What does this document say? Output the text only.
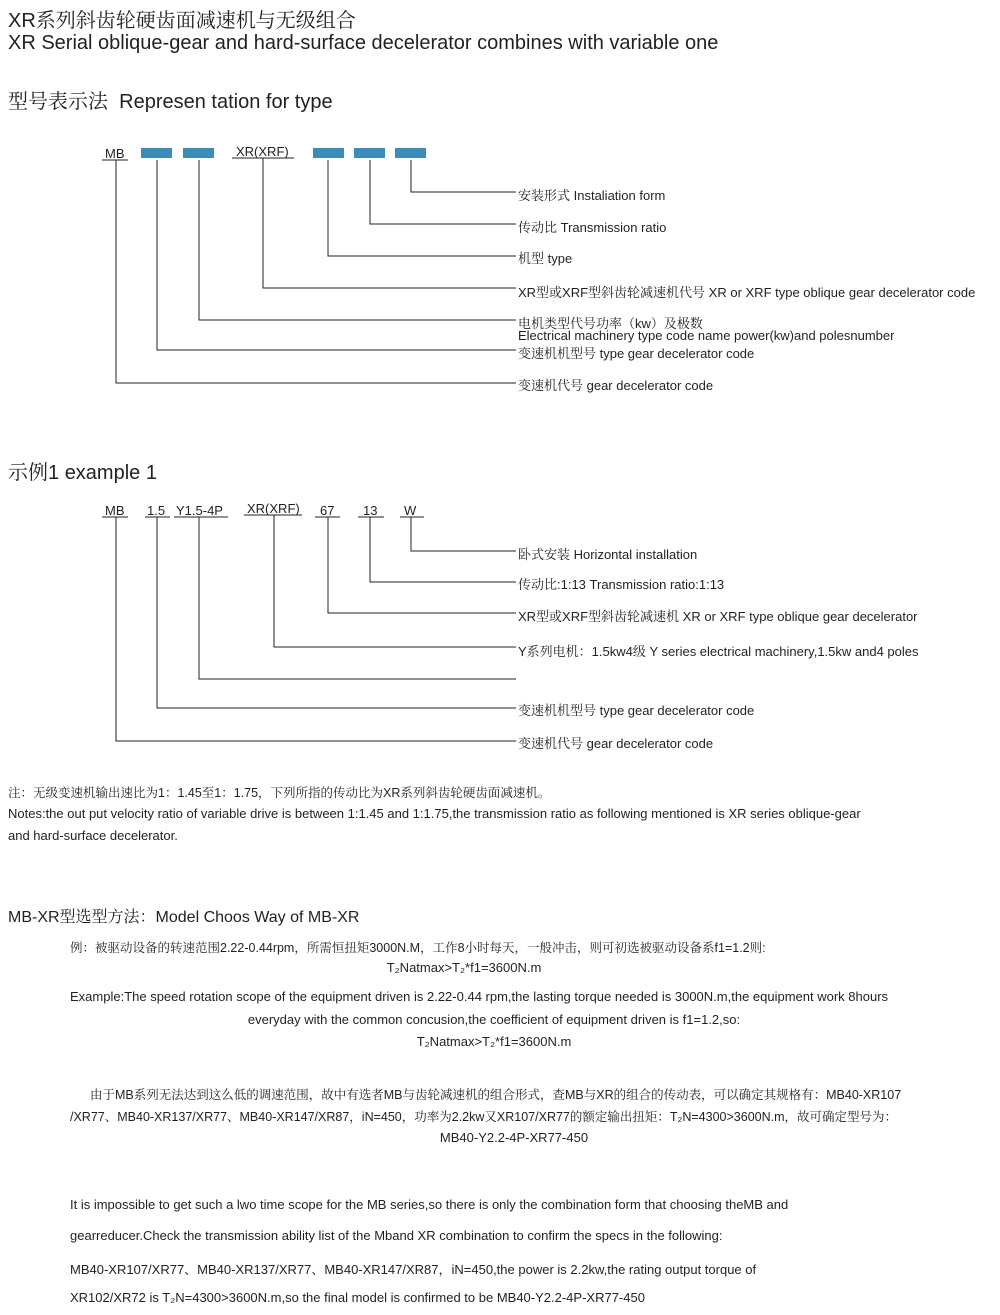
XR系列斜齿轮硬齿面减速机与无级组合
XR Serial oblique-gear and hard-surface decelerator combines with variable one
型号表示法 Represen tation for type
MB	XR(XRF)
安装形式 Instaliation form
传动比 Transmission ratio
机型 type
XR型或XRF型斜齿轮减速机代号 XR or XRF type oblique gear decelerator code
电机类型代号功率（kw）及极数
Electrical machinery type code name power(kw)and polesnumber
变速机机型号 type gear decelerator code
变速机代号 gear decelerator code
示例1 example 1
MB 1.5 Y1.5-4P XR(XRF) 67 13 W
卧式安装 Horizontal installation
传动比:1:13 Transmission ratio:1:13
XR型或XRF型斜齿轮减速机 XR or XRF type oblique gear decelerator
Y系列电机：1.5kw4级 Y series electrical machinery,1.5kw and4 poles
变速机机型号 type gear decelerator code
变速机代号 gear decelerator code
注：无级变速机输出速比为1：1.45至1：1.75，下列所指的传动比为XR系列斜齿轮硬齿面减速机。
Notes:the out put velocity ratio of variable drive is between 1:1.45 and 1:1.75,the transmission ratio as following mentioned is XR series oblique-gear
and hard-surface decelerator.
MB-XR型选型方法：Model Choos Way of MB-XR
例：被驱动设备的转速范围2.22-0.44rpm，所需恒扭矩3000N.M，工作8小时每天，一般冲击，则可初选被驱动设备系f1=1.2则:
T₂Natmax>T₂*f1=3600N.m
Example:The speed rotation scope of the equipment driven is 2.22-0.44 rpm,the lasting torque needed is 3000N.m,the equipment work 8hours
everyday with the common concusion,the coefficient of equipment driven is f1=1.2,so:
T₂Natmax>T₂*f1=3600N.m
由于MB系列无法达到这么低的调速范围，故中有选者MB与齿轮减速机的组合形式，查MB与XR的组合的传动表，可以确定其规格有：MB40-XR107
/XR77、MB40-XR137/XR77、MB40-XR147/XR87，iN=450，功率为2.2kw又XR107/XR77的额定输出扭矩：T₂N=4300>3600N.m，故可确定型号为：
MB40-Y2.2-4P-XR77-450
It is impossible to get such a lwo time scope for the MB series,so there is only the combination form that choosing theMB and
gearreducer.Check the transmission ability list of the Mband XR combination to confirm the specs in the following:
MB40-XR107/XR77、MB40-XR137/XR77、MB40-XR147/XR87，iN=450,the power is 2.2kw,the rating output torque of
XR102/XR72 is T₂N=4300>3600N.m,so the final model is confirmed to be MB40-Y2.2-4P-XR77-450
